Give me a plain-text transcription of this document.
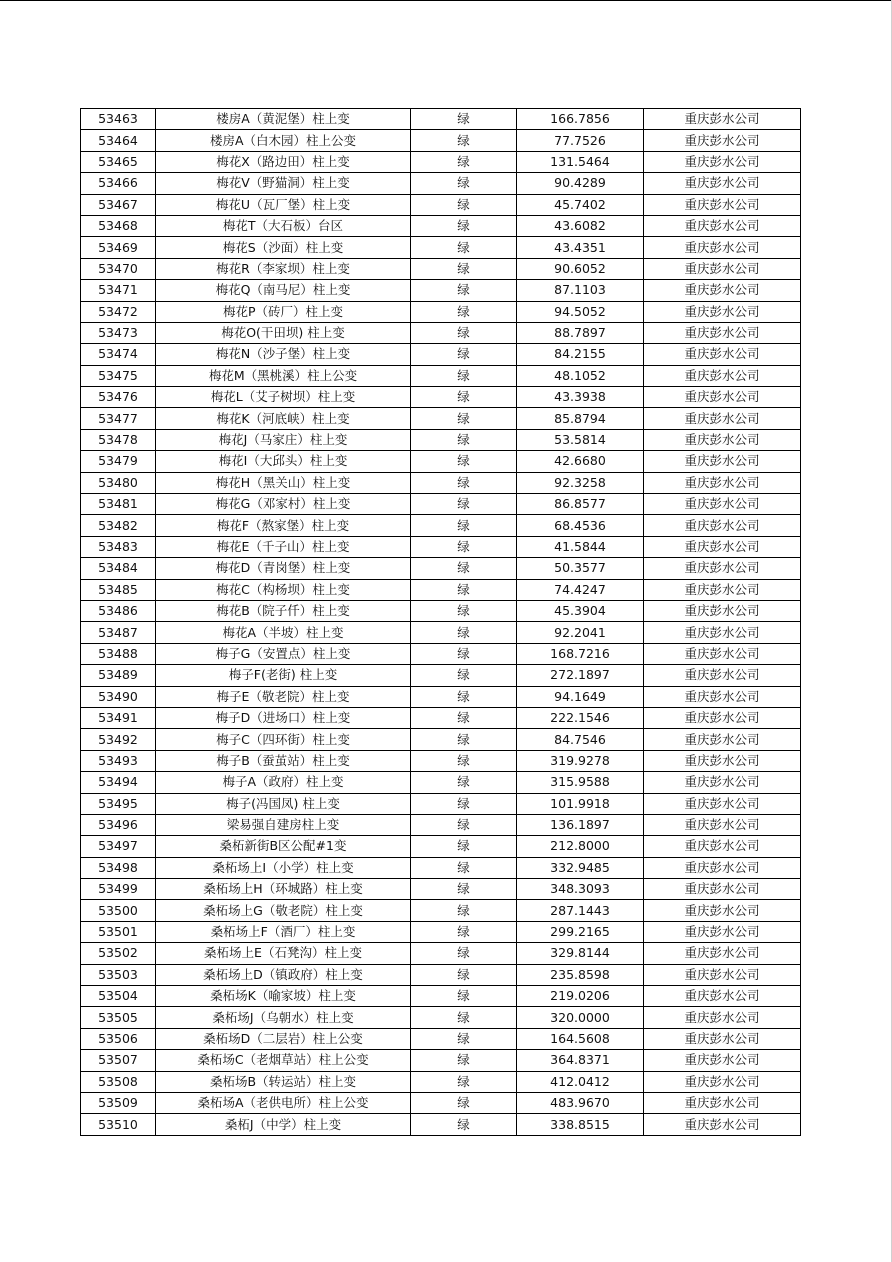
53463	楼房A（黄泥堡）柱上变	绿	166.7856	重庆彭水公司
53464	楼房A（白木园）柱上公变	绿	77.7526	重庆彭水公司
53465	梅花X（路边田）柱上变	绿	131.5464	重庆彭水公司
53466	梅花V（野猫洞）柱上变	绿	90.4289	重庆彭水公司
53467	梅花U（瓦厂堡）柱上变	绿	45.7402	重庆彭水公司
53468	梅花T（大石板）台区	绿	43.6082	重庆彭水公司
53469	梅花S（沙面）柱上变	绿	43.4351	重庆彭水公司
53470	梅花R（李家坝）柱上变	绿	90.6052	重庆彭水公司
53471	梅花Q（南马尼）柱上变	绿	87.1103	重庆彭水公司
53472	梅花P（砖厂）柱上变	绿	94.5052	重庆彭水公司
53473	梅花O(干田坝) 柱上变	绿	88.7897	重庆彭水公司
53474	梅花N（沙子堡）柱上变	绿	84.2155	重庆彭水公司
53475	梅花M（黑桃溪）柱上公变	绿	48.1052	重庆彭水公司
53476	梅花L（艾子树坝）柱上变	绿	43.3938	重庆彭水公司
53477	梅花K（河底峡）柱上变	绿	85.8794	重庆彭水公司
53478	梅花J（马家庄）柱上变	绿	53.5814	重庆彭水公司
53479	梅花I（大邱头）柱上变	绿	42.6680	重庆彭水公司
53480	梅花H（黑关山）柱上变	绿	92.3258	重庆彭水公司
53481	梅花G（邓家村）柱上变	绿	86.8577	重庆彭水公司
53482	梅花F（熬家堡）柱上变	绿	68.4536	重庆彭水公司
53483	梅花E（千子山）柱上变	绿	41.5844	重庆彭水公司
53484	梅花D（青岗堡）柱上变	绿	50.3577	重庆彭水公司
53485	梅花C（构杨坝）柱上变	绿	74.4247	重庆彭水公司
53486	梅花B（院子仟）柱上变	绿	45.3904	重庆彭水公司
53487	梅花A（半坡）柱上变	绿	92.2041	重庆彭水公司
53488	梅子G（安置点）柱上变	绿	168.7216	重庆彭水公司
53489	梅子F(老街) 柱上变	绿	272.1897	重庆彭水公司
53490	梅子E（敬老院）柱上变	绿	94.1649	重庆彭水公司
53491	梅子D（进场口）柱上变	绿	222.1546	重庆彭水公司
53492	梅子C（四环街）柱上变	绿	84.7546	重庆彭水公司
53493	梅子B（蚕茧站）柱上变	绿	319.9278	重庆彭水公司
53494	梅子A（政府）柱上变	绿	315.9588	重庆彭水公司
53495	梅子(冯国凤) 柱上变	绿	101.9918	重庆彭水公司
53496	梁易强自建房柱上变	绿	136.1897	重庆彭水公司
53497	桑柘新街B区公配#1变	绿	212.8000	重庆彭水公司
53498	桑柘场上I（小学）柱上变	绿	332.9485	重庆彭水公司
53499	桑柘场上H（环城路）柱上变	绿	348.3093	重庆彭水公司
53500	桑柘场上G（敬老院）柱上变	绿	287.1443	重庆彭水公司
53501	桑柘场上F（酒厂）柱上变	绿	299.2165	重庆彭水公司
53502	桑柘场上E（石凳沟）柱上变	绿	329.8144	重庆彭水公司
53503	桑柘场上D（镇政府）柱上变	绿	235.8598	重庆彭水公司
53504	桑柘场K（喻家坡）柱上变	绿	219.0206	重庆彭水公司
53505	桑柘场J（乌朝水）柱上变	绿	320.0000	重庆彭水公司
53506	桑柘场D（二层岩）柱上公变	绿	164.5608	重庆彭水公司
53507	桑柘场C（老烟草站）柱上公变	绿	364.8371	重庆彭水公司
53508	桑柘场B（转运站）柱上变	绿	412.0412	重庆彭水公司
53509	桑柘场A（老供电所）柱上公变	绿	483.9670	重庆彭水公司
53510	桑柘J（中学）柱上变	绿	338.8515	重庆彭水公司
